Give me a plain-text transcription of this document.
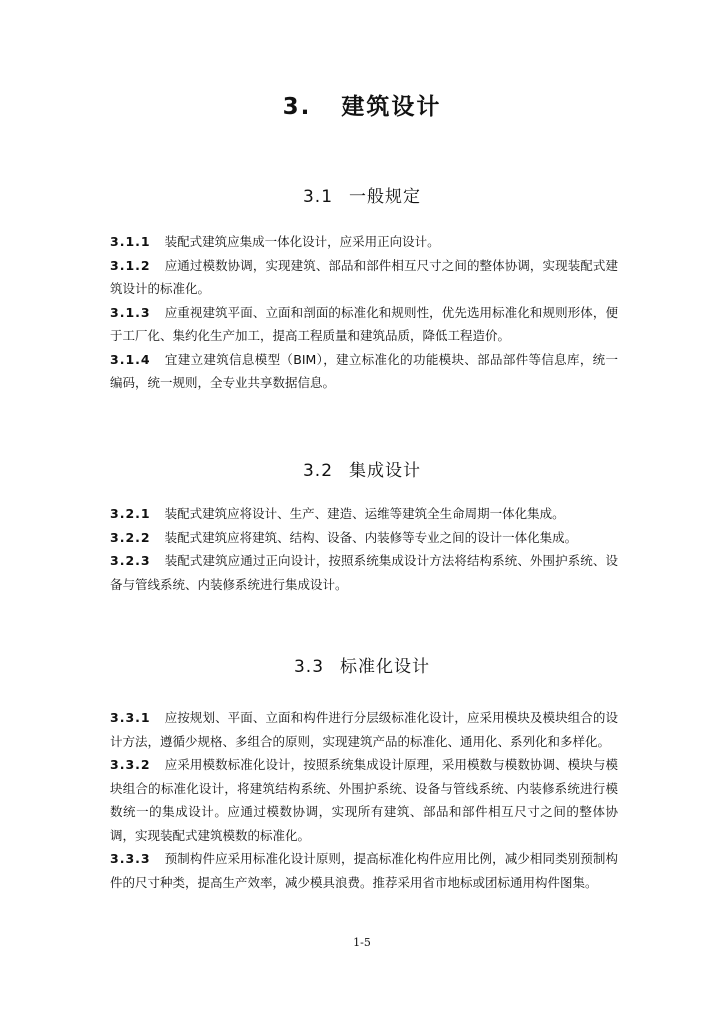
3. 建筑设计
3.1 一般规定

3.1.1 装配式建筑应集成一体化设计，应采用正向设计。

3.1.2 应通过模数协调，实现建筑、部品和部件相互尺寸之间的整体协调，实现装配式建筑设计的标准化。

3.1.3 应重视建筑平面、立面和剖面的标准化和规则性，优先选用标准化和规则形体，便于工厂化、集约化生产加工，提高工程质量和建筑品质，降低工程造价。

3.1.4 宜建立建筑信息模型（BIM），建立标准化的功能模块、部品部件等信息库，统一编码，统一规则，全专业共享数据信息。

3.2 集成设计

3.2.1 装配式建筑应将设计、生产、建造、运维等建筑全生命周期一体化集成。

3.2.2 装配式建筑应将建筑、结构、设备、内装修等专业之间的设计一体化集成。

3.2.3 装配式建筑应通过正向设计，按照系统集成设计方法将结构系统、外围护系统、设备与管线系统、内装修系统进行集成设计。

3.3 标准化设计

3.3.1 应按规划、平面、立面和构件进行分层级标准化设计，应采用模块及模块组合的设计方法，遵循少规格、多组合的原则，实现建筑产品的标准化、通用化、系列化和多样化。

3.3.2 应采用模数标准化设计，按照系统集成设计原理，采用模数与模数协调、模块与模块组合的标准化设计，将建筑结构系统、外围护系统、设备与管线系统、内装修系统进行模数统一的集成设计。应通过模数协调，实现所有建筑、部品和部件相互尺寸之间的整体协调，实现装配式建筑模数的标准化。

3.3.3 预制构件应采用标准化设计原则，提高标准化构件应用比例，减少相同类别预制构件的尺寸种类，提高生产效率，减少模具浪费。推荐采用省市地标或团标通用构件图集。

1-5
